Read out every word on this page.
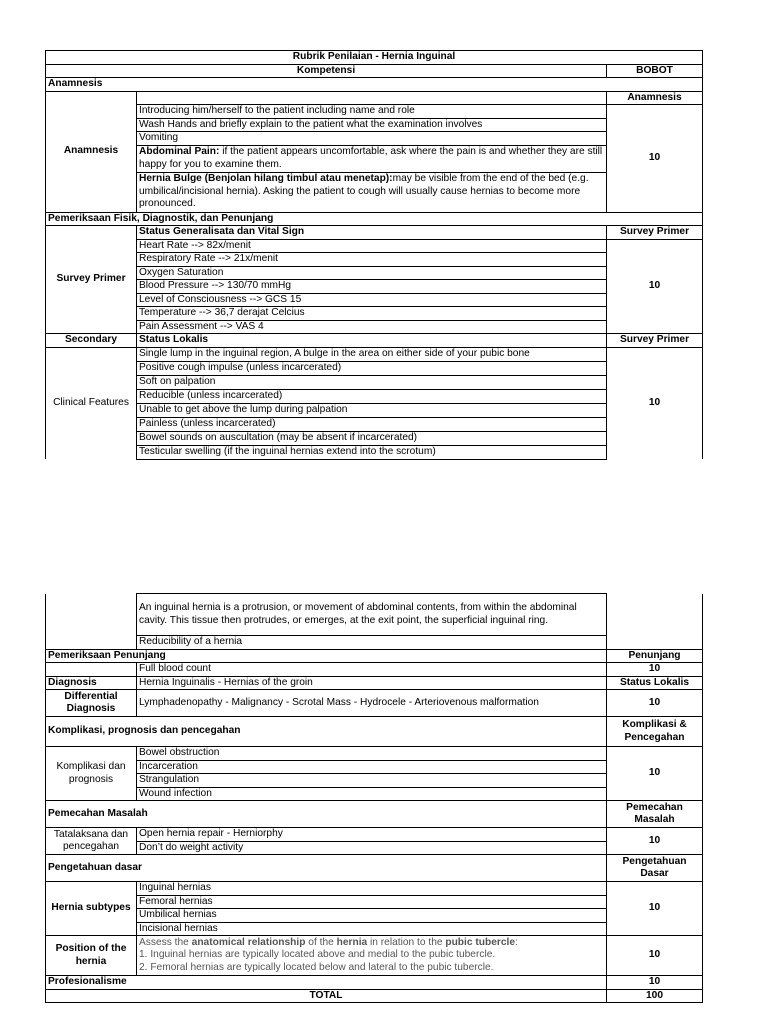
Rubrik Penilaian - Hernia Inguinal		
Kompetensi		BOBOT
Anamnesis		
Anamnesis		Anamnesis
	Introducing him/herself to the patient including name and role	10
	Wash Hands and briefly explain to the patient what the examination involves	
	Vomiting	
	Abdominal Pain: if the patient appears uncomfortable, ask where the pain is and whether they are still happy for you to examine them.	
	Hernia Bulge (Benjolan hilang timbul atau menetap):may be visible from the end of the bed (e.g. umbilical/incisional hernia). Asking the patient to cough will usually cause hernias to become more pronounced.	
Pemeriksaan Fisik, Diagnostik, dan Penunjang		
Survey Primer	Status Generalisata dan Vital Sign	Survey Primer
	Heart Rate --> 82x/menit	10
	Respiratory Rate --> 21x/menit	
	Oxygen Saturation	
	Blood Pressure --> 130/70 mmHg	
	Level of Consciousness --> GCS 15	
	Temperature --> 36,7 derajat Celcius	
	Pain Assessment --> VAS 4	
Secondary	Status Lokalis	Survey Primer
Clinical Features	Single lump in the inguinal region, A bulge in the area on either side of your pubic bone	10
	Positive cough impulse (unless incarcerated)	
	Soft on palpation	
	Reducible (unless incarcerated)	
	Unable to get above the lump during palpation	
	Painless (unless incarcerated)	
	Bowel sounds on auscultation (may be absent if incarcerated)	
	Testicular swelling (if the inguinal hernias extend into the scrotum)	
	An inguinal hernia is a protrusion, or movement of abdominal contents, from within the abdominal cavity. This tissue then protrudes, or emerges, at the exit point, the superficial inguinal ring.	
	Reducibility of a hernia	
Pemeriksaan Penunjang		Penunjang
	Full blood count	10
Diagnosis	Hernia Inguinalis - Hernias of the groin	Status Lokalis
Differential Diagnosis	Lymphadenopathy - Malignancy - Scrotal Mass - Hydrocele - Arteriovenous malformation	10
Komplikasi, prognosis dan pencegahan		Komplikasi & Pencegahan
Komplikasi dan prognosis	Bowel obstruction	10
	Incarceration	
	Strangulation	
	Wound infection	
Pemecahan Masalah		Pemecahan Masalah
Tatalaksana dan pencegahan	Open hernia repair - Herniorphy	10
	Don’t do weight activity	
Pengetahuan dasar		Pengetahuan Dasar
Hernia subtypes	Inguinal hernias	10
	Femoral hernias	
	Umbilical hernias	
	Incisional hernias	
Position of the hernia	Assess the anatomical relationship of the hernia in relation to the pubic tubercle:
1. Inguinal hernias are typically located above and medial to the pubic tubercle.
2. Femoral hernias are typically located below and lateral to the pubic tubercle.	10
Profesionalisme		10
TOTAL		100
